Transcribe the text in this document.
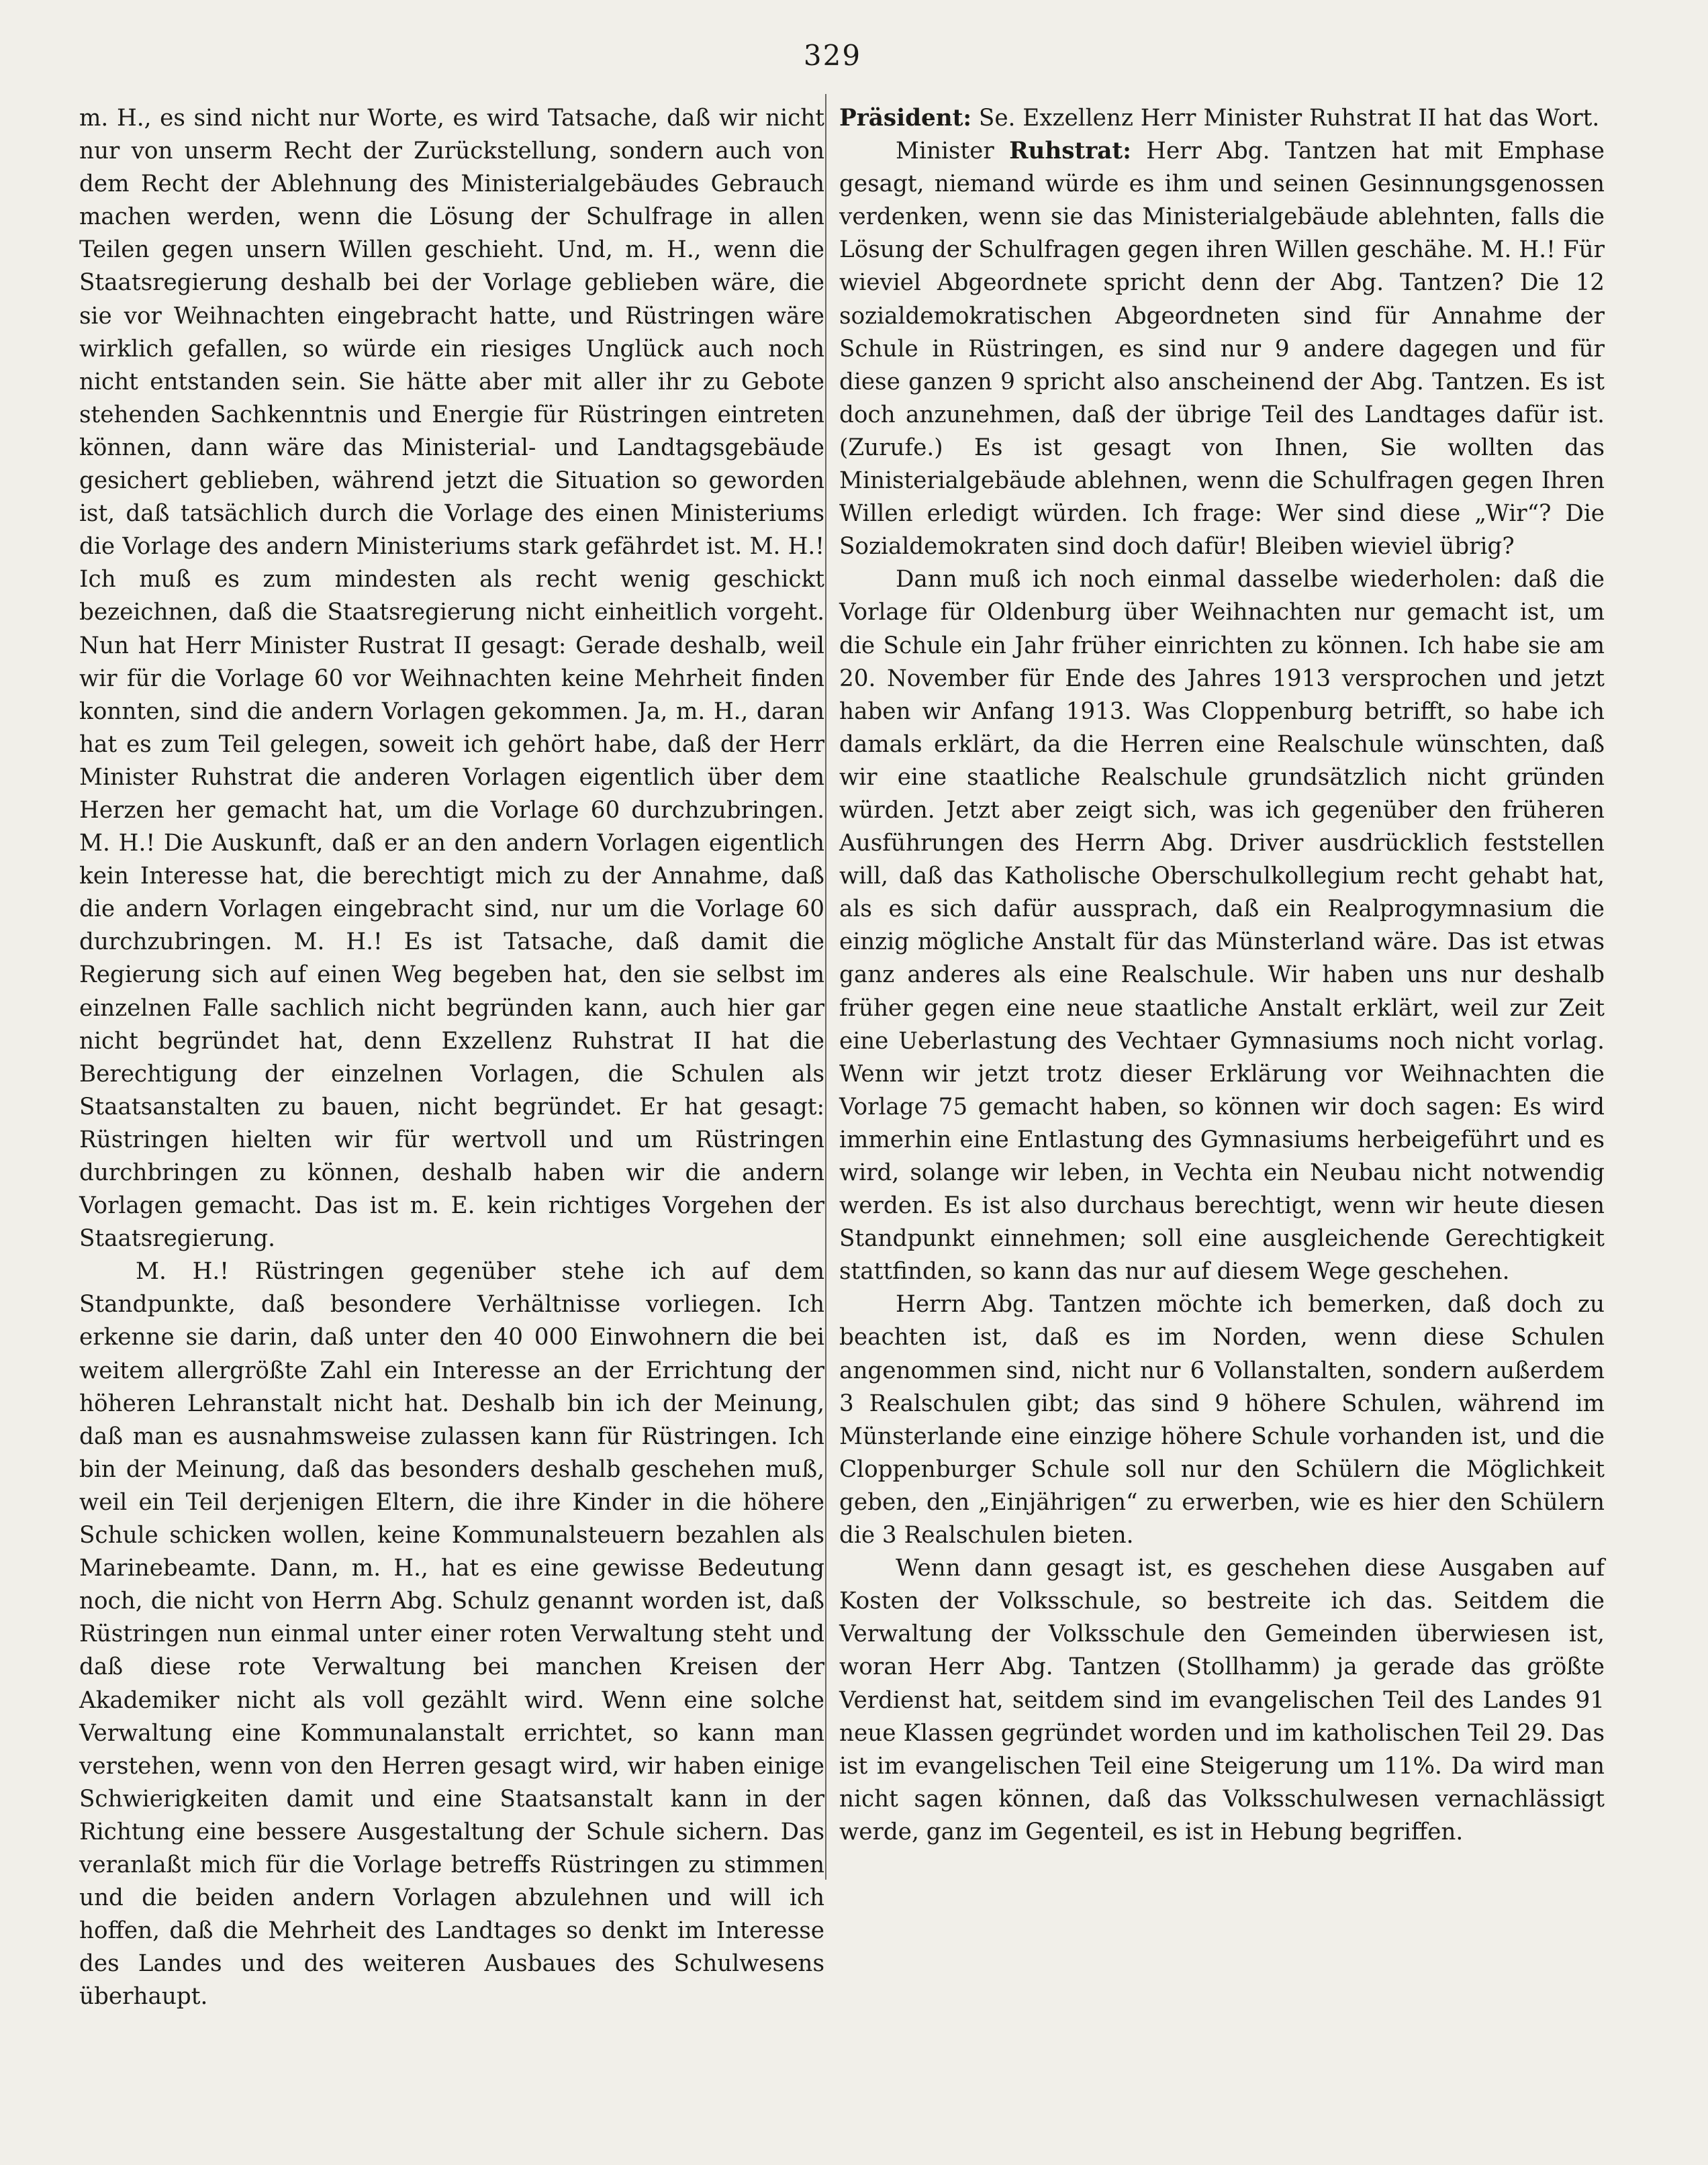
329

m. H., es sind nicht nur Worte, es wird Tatsache, daß wir nicht nur von unserm Recht der Zurückstellung, sondern auch von dem Recht der Ablehnung des Ministerialgebäudes Gebrauch machen werden, wenn die Lösung der Schulfrage in allen Teilen gegen unsern Willen geschieht. Und, m. H., wenn die Staatsregierung deshalb bei der Vorlage geblieben wäre, die sie vor Weihnachten eingebracht hatte, und Rüstringen wäre wirklich gefallen, so würde ein riesiges Unglück auch noch nicht entstanden sein. Sie hätte aber mit aller ihr zu Gebote stehenden Sachkenntnis und Energie für Rüstringen eintreten können, dann wäre das Ministerial- und Landtagsgebäude gesichert geblieben, während jetzt die Situation so geworden ist, daß tatsächlich durch die Vorlage des einen Ministeriums die Vorlage des andern Ministeriums stark gefährdet ist. M. H.! Ich muß es zum mindesten als recht wenig geschickt bezeichnen, daß die Staatsregierung nicht einheitlich vorgeht. Nun hat Herr Minister Rustrat II gesagt: Gerade deshalb, weil wir für die Vorlage 60 vor Weihnachten keine Mehrheit finden konnten, sind die andern Vorlagen gekommen. Ja, m. H., daran hat es zum Teil gelegen, soweit ich gehört habe, daß der Herr Minister Ruhstrat die anderen Vorlagen eigentlich über dem Herzen her gemacht hat, um die Vorlage 60 durchzubringen. M. H.! Die Auskunft, daß er an den andern Vorlagen eigentlich kein Interesse hat, die berechtigt mich zu der Annahme, daß die andern Vorlagen eingebracht sind, nur um die Vorlage 60 durchzubringen. M. H.! Es ist Tatsache, daß damit die Regierung sich auf einen Weg begeben hat, den sie selbst im einzelnen Falle sachlich nicht begründen kann, auch hier gar nicht begründet hat, denn Exzellenz Ruhstrat II hat die Berechtigung der einzelnen Vorlagen, die Schulen als Staatsanstalten zu bauen, nicht begründet. Er hat gesagt: Rüstringen hielten wir für wertvoll und um Rüstringen durchbringen zu können, deshalb haben wir die andern Vorlagen gemacht. Das ist m. E. kein richtiges Vorgehen der Staatsregierung.

M. H.! Rüstringen gegenüber stehe ich auf dem Standpunkte, daß besondere Verhältnisse vorliegen. Ich erkenne sie darin, daß unter den 40 000 Einwohnern die bei weitem allergrößte Zahl ein Interesse an der Errichtung der höheren Lehranstalt nicht hat. Deshalb bin ich der Meinung, daß man es ausnahmsweise zulassen kann für Rüstringen. Ich bin der Meinung, daß das besonders deshalb geschehen muß, weil ein Teil derjenigen Eltern, die ihre Kinder in die höhere Schule schicken wollen, keine Kommunalsteuern bezahlen als Marinebeamte. Dann, m. H., hat es eine gewisse Bedeutung noch, die nicht von Herrn Abg. Schulz genannt worden ist, daß Rüstringen nun einmal unter einer roten Verwaltung steht und daß diese rote Verwaltung bei manchen Kreisen der Akademiker nicht als voll gezählt wird. Wenn eine solche Verwaltung eine Kommunalanstalt errichtet, so kann man verstehen, wenn von den Herren gesagt wird, wir haben einige Schwierigkeiten damit und eine Staatsanstalt kann in der Richtung eine bessere Ausgestaltung der Schule sichern. Das veranlaßt mich für die Vorlage betreffs Rüstringen zu stimmen und die beiden andern Vorlagen abzulehnen und will ich hoffen, daß die Mehrheit des Landtages so denkt im Interesse des Landes und des weiteren Ausbaues des Schulwesens überhaupt.

Präsident: Se. Exzellenz Herr Minister Ruhstrat II hat das Wort.

Minister Ruhstrat: Herr Abg. Tantzen hat mit Emphase gesagt, niemand würde es ihm und seinen Gesinnungsgenossen verdenken, wenn sie das Ministerialgebäude ablehnten, falls die Lösung der Schulfragen gegen ihren Willen geschähe. M. H.! Für wieviel Abgeordnete spricht denn der Abg. Tantzen? Die 12 sozialdemokratischen Abgeordneten sind für Annahme der Schule in Rüstringen, es sind nur 9 andere dagegen und für diese ganzen 9 spricht also anscheinend der Abg. Tantzen. Es ist doch anzunehmen, daß der übrige Teil des Landtages dafür ist. (Zurufe.) Es ist gesagt von Ihnen, Sie wollten das Ministerialgebäude ablehnen, wenn die Schulfragen gegen Ihren Willen erledigt würden. Ich frage: Wer sind diese „Wir“? Die Sozialdemokraten sind doch dafür! Bleiben wieviel übrig?

Dann muß ich noch einmal dasselbe wiederholen: daß die Vorlage für Oldenburg über Weihnachten nur gemacht ist, um die Schule ein Jahr früher einrichten zu können. Ich habe sie am 20. November für Ende des Jahres 1913 versprochen und jetzt haben wir Anfang 1913. Was Cloppenburg betrifft, so habe ich damals erklärt, da die Herren eine Realschule wünschten, daß wir eine staatliche Realschule grundsätzlich nicht gründen würden. Jetzt aber zeigt sich, was ich gegenüber den früheren Ausführungen des Herrn Abg. Driver ausdrücklich feststellen will, daß das Katholische Oberschulkollegium recht gehabt hat, als es sich dafür aussprach, daß ein Realprogymnasium die einzig mögliche Anstalt für das Münsterland wäre. Das ist etwas ganz anderes als eine Realschule. Wir haben uns nur deshalb früher gegen eine neue staatliche Anstalt erklärt, weil zur Zeit eine Ueberlastung des Vechtaer Gymnasiums noch nicht vorlag. Wenn wir jetzt trotz dieser Erklärung vor Weihnachten die Vorlage 75 gemacht haben, so können wir doch sagen: Es wird immerhin eine Entlastung des Gymnasiums herbeigeführt und es wird, solange wir leben, in Vechta ein Neubau nicht notwendig werden. Es ist also durchaus berechtigt, wenn wir heute diesen Standpunkt einnehmen; soll eine ausgleichende Gerechtigkeit stattfinden, so kann das nur auf diesem Wege geschehen.

Herrn Abg. Tantzen möchte ich bemerken, daß doch zu beachten ist, daß es im Norden, wenn diese Schulen angenommen sind, nicht nur 6 Vollanstalten, sondern außerdem 3 Realschulen gibt; das sind 9 höhere Schulen, während im Münsterlande eine einzige höhere Schule vorhanden ist, und die Cloppenburger Schule soll nur den Schülern die Möglichkeit geben, den „Einjährigen“ zu erwerben, wie es hier den Schülern die 3 Realschulen bieten.

Wenn dann gesagt ist, es geschehen diese Ausgaben auf Kosten der Volksschule, so bestreite ich das. Seitdem die Verwaltung der Volksschule den Gemeinden überwiesen ist, woran Herr Abg. Tantzen (Stollhamm) ja gerade das größte Verdienst hat, seitdem sind im evangelischen Teil des Landes 91 neue Klassen gegründet worden und im katholischen Teil 29. Das ist im evangelischen Teil eine Steigerung um 11%. Da wird man nicht sagen können, daß das Volksschulwesen vernachlässigt werde, ganz im Gegenteil, es ist in Hebung begriffen.
